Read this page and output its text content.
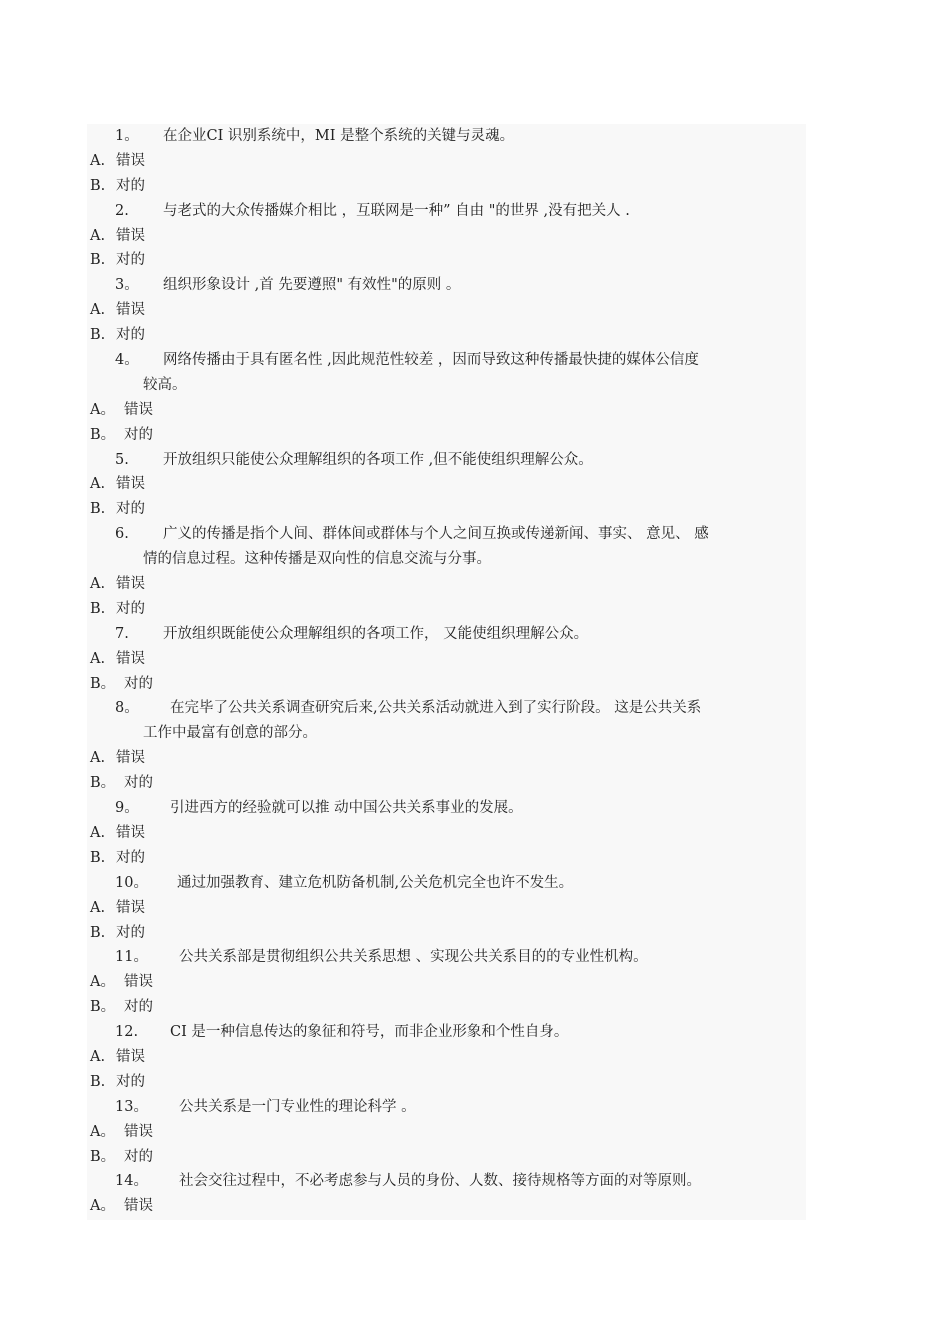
1。 在企业CI 识别系统中，MI 是整个系统的关键与灵魂。
A. 错误
B. 对的
2. 与老式的大众传播媒介相比 ，互联网是一种” 自由 "的世界 ,没有把关人 .
A. 错误
B. 对的
3。 组织形象设计 ,首 先要遵照" 有效性"的原则 。
A. 错误
B. 对的
4。 网络传播由于具有匿名性 ,因此规范性较差 ，因而导致这种传播最快捷的媒体公信度
较高。
A。 错误
B。 对的
5. 开放组织只能使公众理解组织的各项工作 ,但不能使组织理解公众。
A. 错误
B. 对的
6. 广义的传播是指个人间、群体间或群体与个人之间互换或传递新闻、事实、 意见、 感
情的信息过程。这种传播是双向性的信息交流与分事。
A. 错误
B. 对的
7. 开放组织既能使公众理解组织的各项工作， 又能使组织理解公众。
A. 错误
B。 对的
8。 在完毕了公共关系调查研究后来,公共关系活动就进入到了实行阶段。 这是公共关系
工作中最富有创意的部分。
A. 错误
B。 对的
9。 引进西方的经验就可以推 动中国公共关系事业的发展。
A. 错误
B. 对的
10。 通过加强教育、建立危机防备机制,公关危机完全也许不发生。
A. 错误
B. 对的
11。 公共关系部是贯彻组织公共关系思想 、实现公共关系目的的专业性机构。
A。 错误
B。 对的
12. CI 是一种信息传达的象征和符号，而非企业形象和个性自身。
A. 错误
B. 对的
13。 公共关系是一门专业性的理论科学 。
A。 错误
B。 对的
14。 社会交往过程中，不必考虑参与人员的身份、人数、接待规格等方面的对等原则。
A。 错误
